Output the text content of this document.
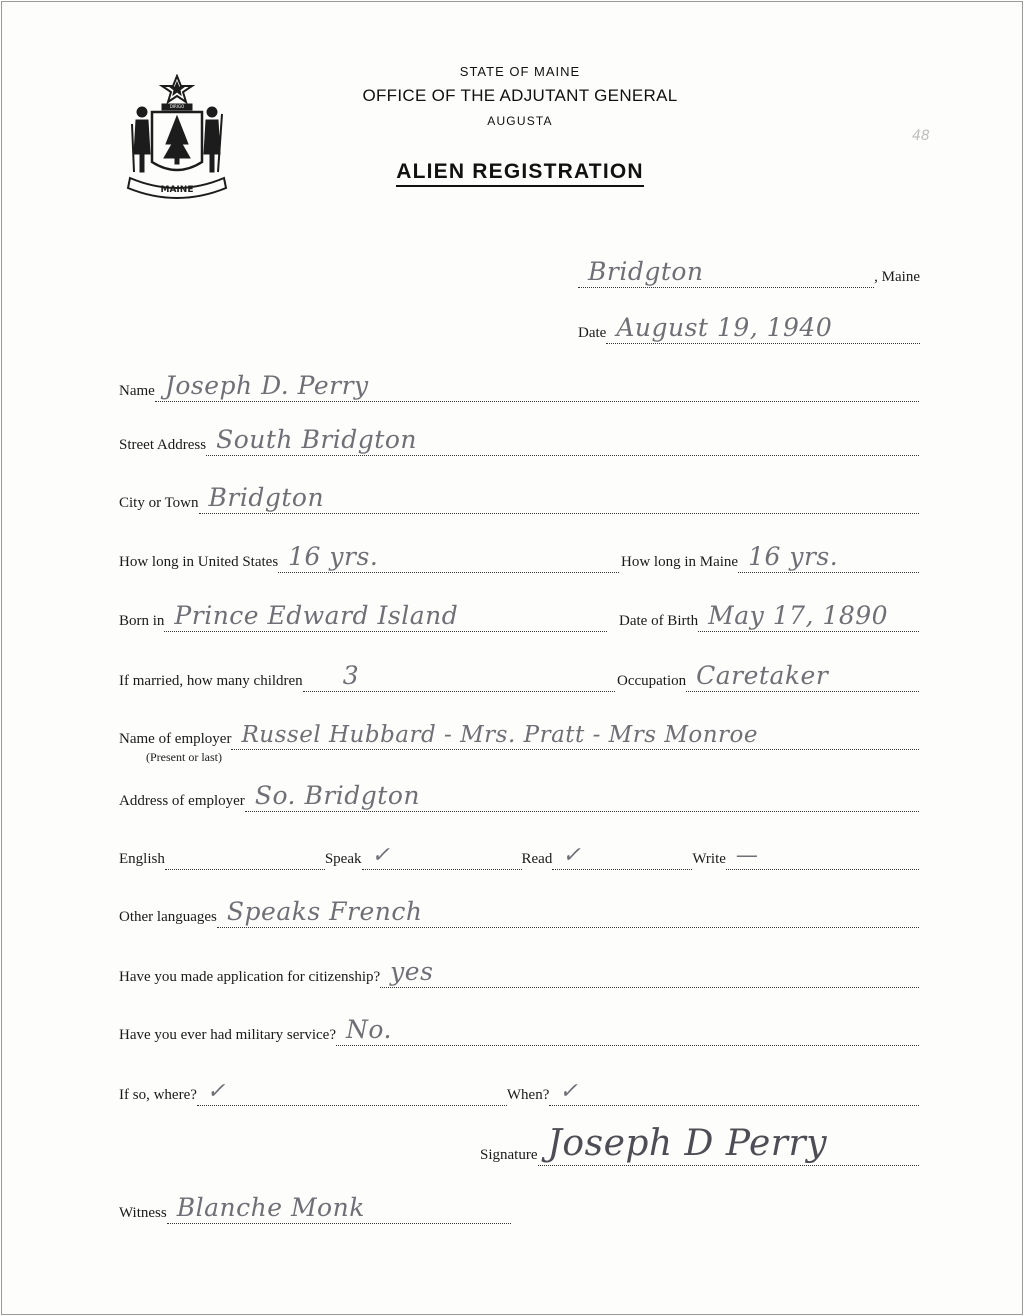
MAINE
DIRIGO
STATE OF MAINE
OFFICE OF THE ADJUTANT GENERAL
AUGUSTA
ALIEN REGISTRATION
48
Bridgton	, Maine
Date August 19, 1940
Name Joseph D. Perry
Street Address South Bridgton
City or Town Bridgton
How long in United States 16 yrs.	How long in Maine 16 yrs.
Born in Prince Edward Island	Date of Birth May 17, 1890
If married, how many children 3	Occupation Caretaker
Name of employer Russel Hubbard - Mrs. Pratt - Mrs Monroe
(Present or last)
Address of employer So. Bridgton
English	Speak ✓	Read ✓	Write —
Other languages Speaks French
Have you made application for citizenship? yes
Have you ever had military service? No.
If so, where? ✓	When? ✓
Signature Joseph D Perry
Witness Blanche Monk
